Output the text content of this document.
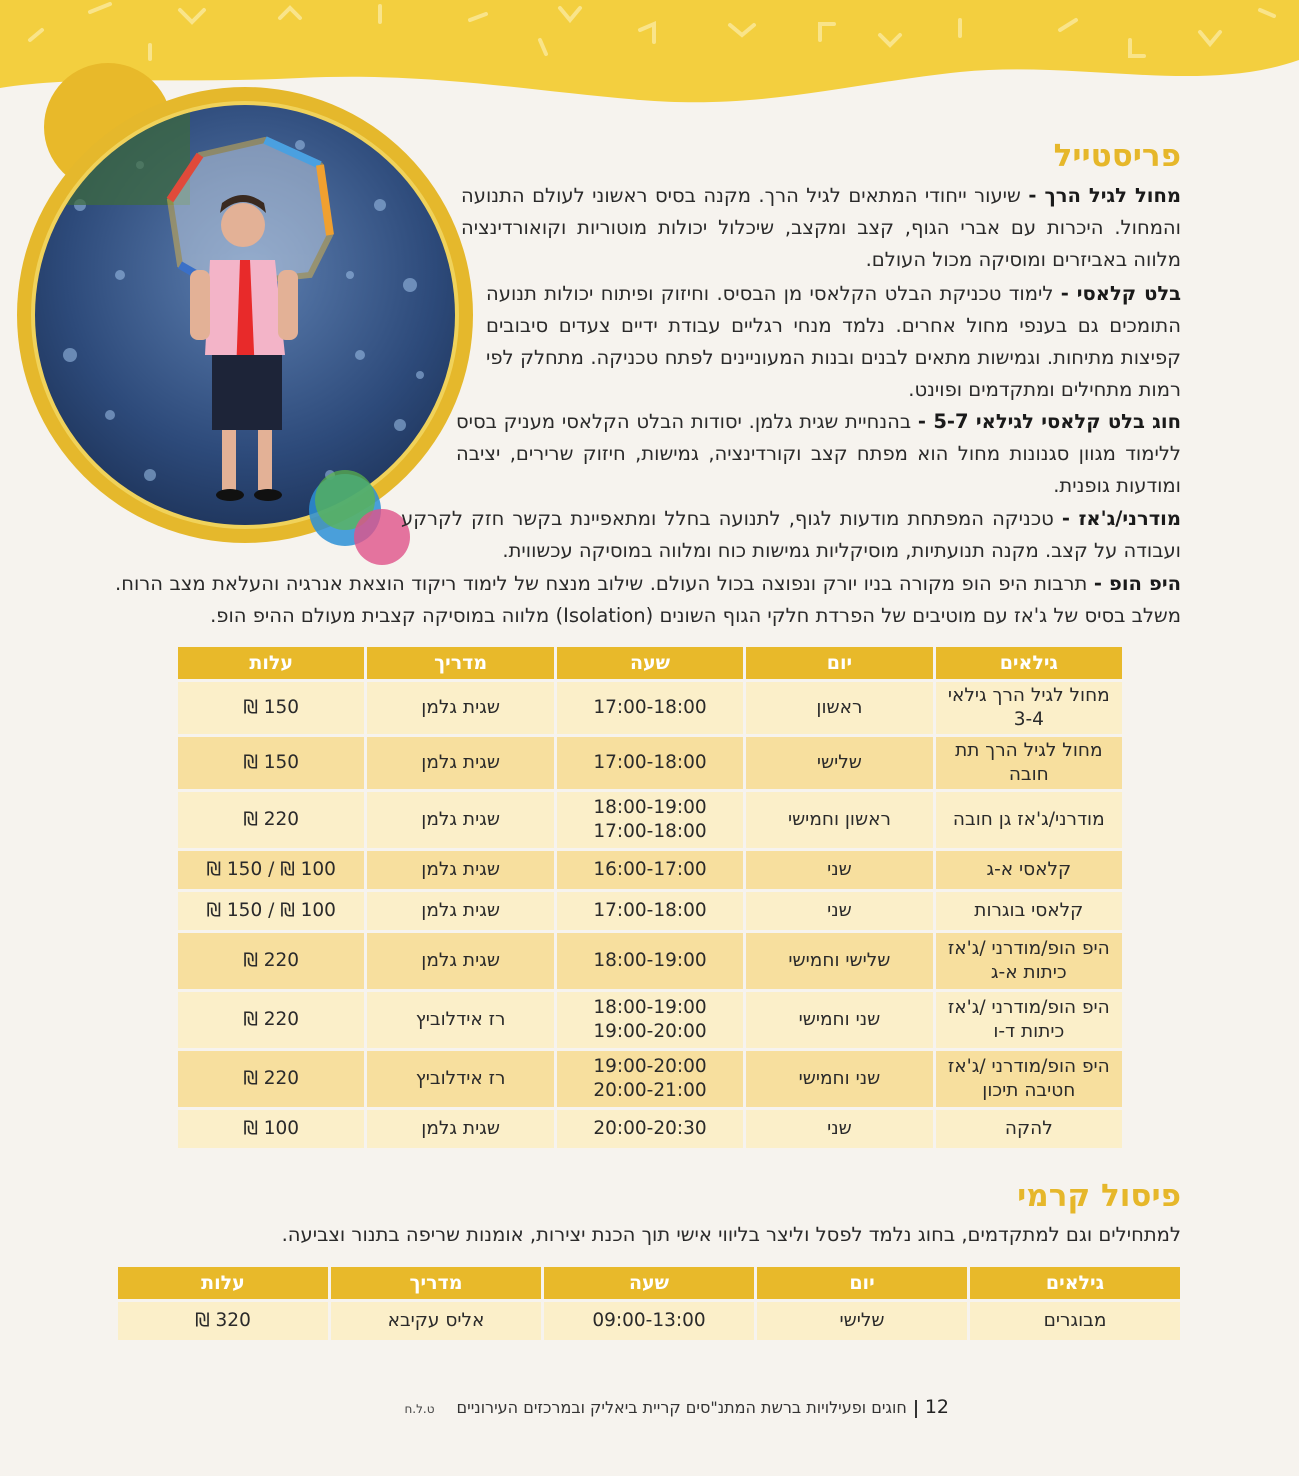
פריסטייל

מחול לגיל הרך - שיעור ייחודי המתאים לגיל הרך. מקנה בסיס ראשוני לעולם התנועה והמחול. היכרות עם אברי הגוף, קצב ומקצב, שיכלול יכולות מוטוריות וקואורדינציה מלווה באביזרים ומוסיקה מכול העולם.

בלט קלאסי - לימוד טכניקת הבלט הקלאסי מן הבסיס. וחיזוק ופיתוח יכולות תנועה התומכים גם בענפי מחול אחרים. נלמד מנחי רגליים עבודת ידיים צעדים סיבובים קפיצות מתיחות. וגמישות מתאים לבנים ובנות המעוניינים לפתח טכניקה. מתחלק לפי רמות מתחילים ומתקדמים ופוינט.

חוג בלט קלאסי לגילאי 5-7 - בהנחיית שגית גלמן. יסודות הבלט הקלאסי מעניק בסיס ללימוד מגוון סגנונות מחול הוא מפתח קצב וקורדינציה, גמישות, חיזוק שרירים, יציבה ומודעות גופנית.

מודרני/ג'אז - טכניקה המפתחת מודעות לגוף, לתנועה בחלל ומתאפיינת בקשר חזק לקרקע ועבודה על קצב. מקנה תנועתיות, מוסיקליות גמישות כוח ומלווה במוסיקה עכשווית.

היפ הופ - תרבות היפ הופ מקורה בניו יורק ונפוצה בכול העולם. שילוב מנצח של לימוד ריקוד הוצאת אנרגיה והעלאת מצב הרוח. משלב בסיס של ג'אז עם מוטיבים של הפרדת חלקי הגוף השונים (Isolation) מלווה במוסיקה קצבית מעולם ההיפ הופ.

גילאים	יום	שעה	מדריך	עלות

מחול לגיל הרך גילאי 3-4	ראשון	17:00-18:00	שגית גלמן	150 ₪

מחול לגיל הרך תת חובה	שלישי	17:00-18:00	שגית גלמן	150 ₪

מודרני/ג'אז גן חובה	ראשון וחמישי	18:00-19:00
17:00-18:00	שגית גלמן	220 ₪

קלאסי א-ג	שני	16:00-17:00	שגית גלמן	100 ₪ / 150 ₪

קלאסי בוגרות	שני	17:00-18:00	שגית גלמן	100 ₪ / 150 ₪

היפ הופ/מודרני /ג'אז
כיתות א-ג	שלישי וחמישי	18:00-19:00	שגית גלמן	220 ₪

היפ הופ/מודרני /ג'אז
כיתות ד-ו	שני וחמישי	18:00-19:00
19:00-20:00	רז אידלוביץ	220 ₪

היפ הופ/מודרני /ג'אז
חטיבה תיכון	שני וחמישי	19:00-20:00
20:00-21:00	רז אידלוביץ	220 ₪

להקה	שני	20:00-20:30	שגית גלמן	100 ₪
פיסול קרמי

למתחילים וגם למתקדמים, בחוג נלמד לפסל וליצר בליווי אישי תוך הכנת יצירות, אומנות שריפה בתנור וצביעה.

גילאים	יום	שעה	מדריך	עלות

מבוגרים	שלישי	09:00-13:00	אליס עקיבא	320 ₪
12חוגים ופעילויות ברשת המתנ"סים קריית ביאליק ובמרכזים העירונייםט.ל.ח
